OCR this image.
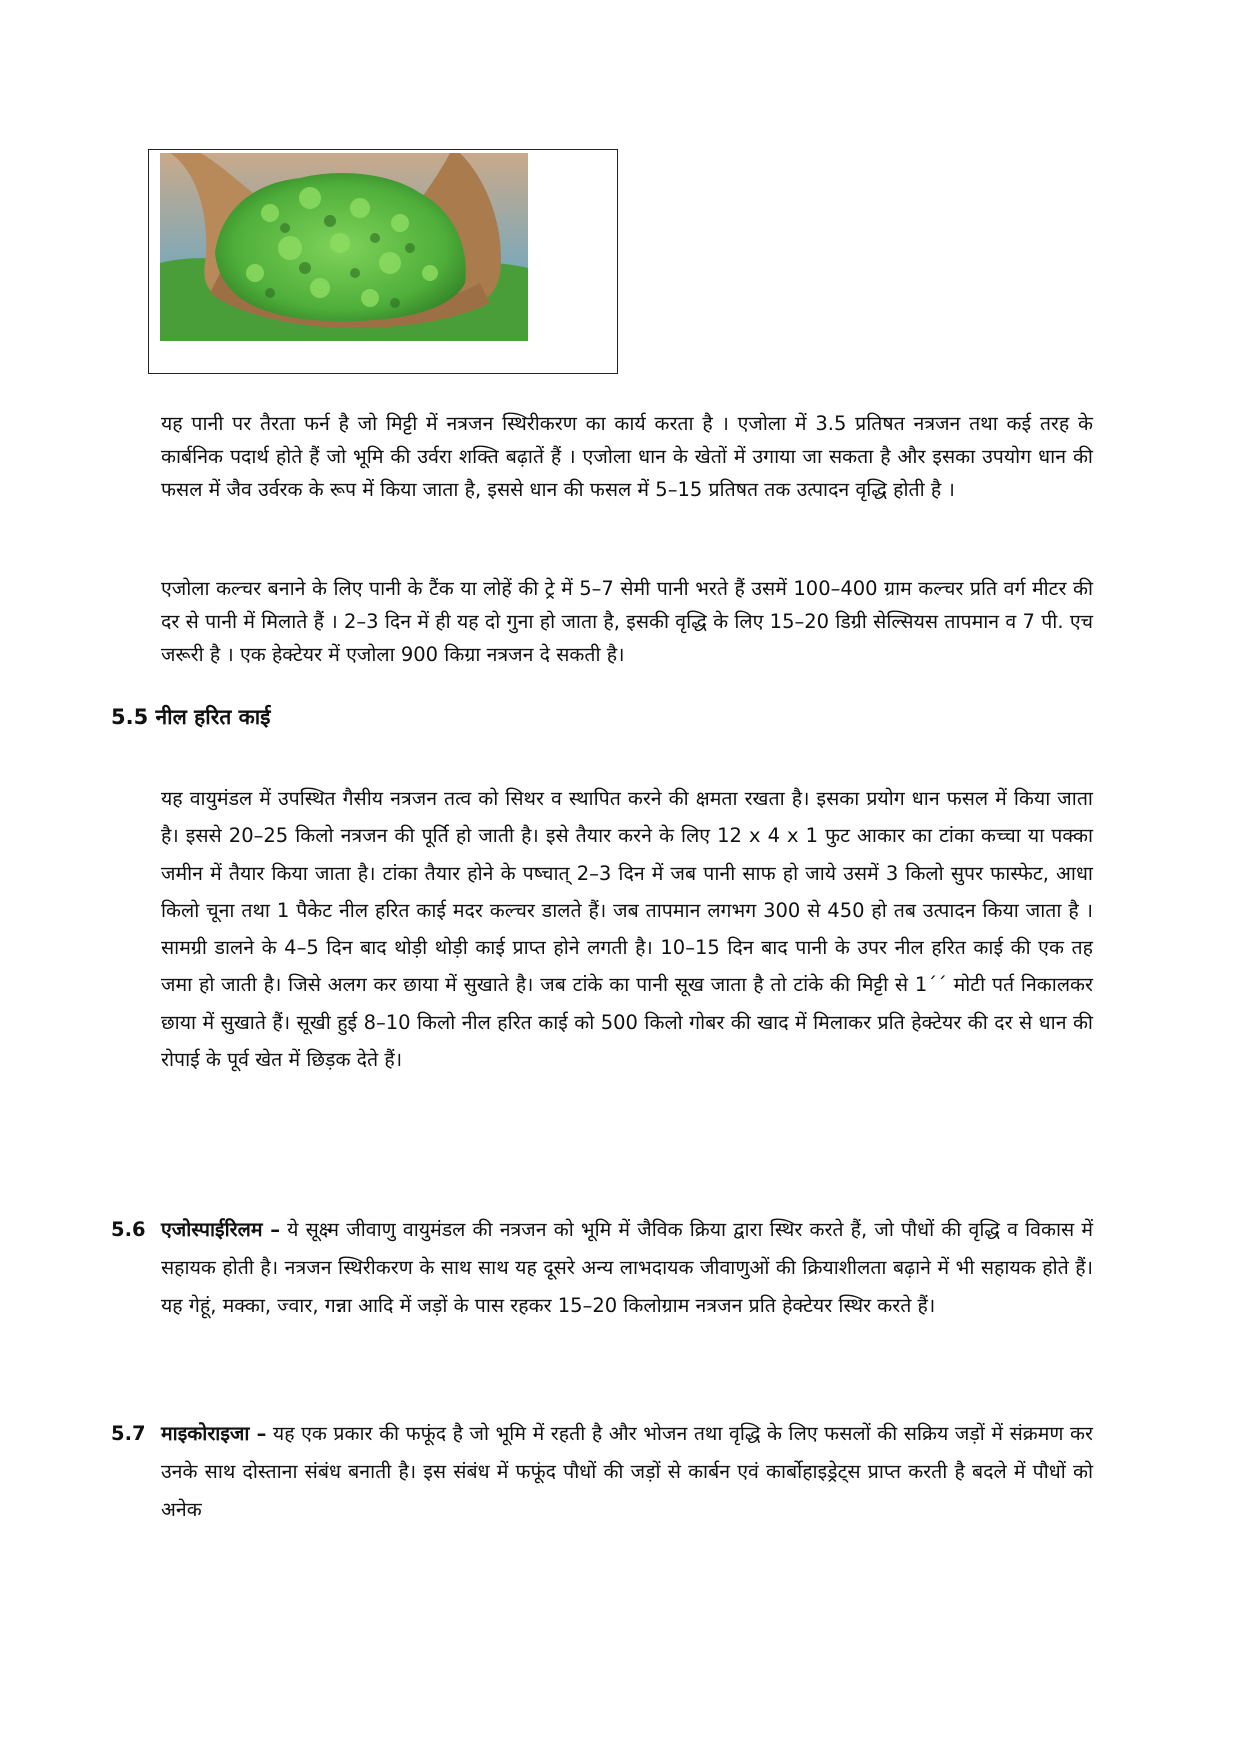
यह पानी पर तैरता फर्न है जो मिट्टी में नत्रजन स्थिरीकरण का कार्य करता है । एजोला में 3.5 प्रतिषत नत्रजन तथा कई तरह के कार्बनिक पदार्थ होते हैं जो भूमि की उर्वरा शक्ति बढ़ातें हैं । एजोला धान के खेतों में उगाया जा सकता है और इसका उपयोग धान की फसल में जैव उर्वरक के रूप में किया जाता है, इससे धान की फसल में 5–15 प्रतिषत तक उत्पादन वृद्धि होती है ।

एजोला कल्चर बनाने के लिए पानी के टैंक या लोहें की ट्रे में 5–7 सेमी पानी भरते हैं उसमें 100–400 ग्राम कल्चर प्रति वर्ग मीटर की दर से पानी में मिलाते हैं । 2–3 दिन में ही यह दो गुना हो जाता है, इसकी वृद्धि के लिए 15–20 डिग्री सेल्सियस तापमान व 7 पी. एच जरूरी है । एक हेक्टेयर में एजोला 900 किग्रा नत्रजन दे सकती है।

5.5 नील हरित काई

यह वायुमंडल में उपस्थित गैसीय नत्रजन तत्व को सिथर व स्थापित करने की क्षमता रखता है। इसका प्रयोग धान फसल में किया जाता है। इससे 20–25 किलो नत्रजन की पूर्ति हो जाती है। इसे तैयार करने के लिए 12 x 4 x 1 फुट आकार का टांका कच्चा या पक्का जमीन में तैयार किया जाता है। टांका तैयार होने के पष्चात् 2–3 दिन में जब पानी साफ हो जाये उसमें 3 किलो सुपर फास्फेट, आधा किलो चूना तथा 1 पैकेट नील हरित काई मदर कल्चर डालते हैं। जब तापमान लगभग 300 से 450 हो तब उत्पादन किया जाता है । सामग्री डालने के 4–5 दिन बाद थोड़ी थोड़ी काई प्राप्त होने लगती है। 10–15 दिन बाद पानी के उपर नील हरित काई की एक तह जमा हो जाती है। जिसे अलग कर छाया में सुखाते है। जब टांके का पानी सूख जाता है तो टांके की मिट्टी से 1´´ मोटी पर्त निकालकर छाया में सुखाते हैं। सूखी हुई 8–10 किलो नील हरित काई को 500 किलो गोबर की खाद में मिलाकर प्रति हेक्टेयर की दर से धान की रोपाई के पूर्व खेत में छिड़क देते हैं।

5.6 एजोस्पाईरिलम – ये सूक्ष्म जीवाणु वायुमंडल की नत्रजन को भूमि में जैविक क्रिया द्वारा स्थिर करते हैं, जो पौधों की वृद्धि व विकास में सहायक होती है। नत्रजन स्थिरीकरण के साथ साथ यह दूसरे अन्य लाभदायक जीवाणुओं की क्रियाशीलता बढ़ाने में भी सहायक होते हैं। यह गेहूं, मक्का, ज्वार, गन्ना आदि में जड़ों के पास रहकर 15–20 किलोग्राम नत्रजन प्रति हेक्टेयर स्थिर करते हैं।
5.7 माइकोराइजा – यह एक प्रकार की फफूंद है जो भूमि में रहती है और भोजन तथा वृद्धि के लिए फसलों की सक्रिय जड़ों में संक्रमण कर उनके साथ दोस्ताना संबंध बनाती है। इस संबंध में फफूंद पौधों की जड़ों से कार्बन एवं कार्बोहाइड्रेट्स प्राप्त करती है बदले में पौधों को अनेक
